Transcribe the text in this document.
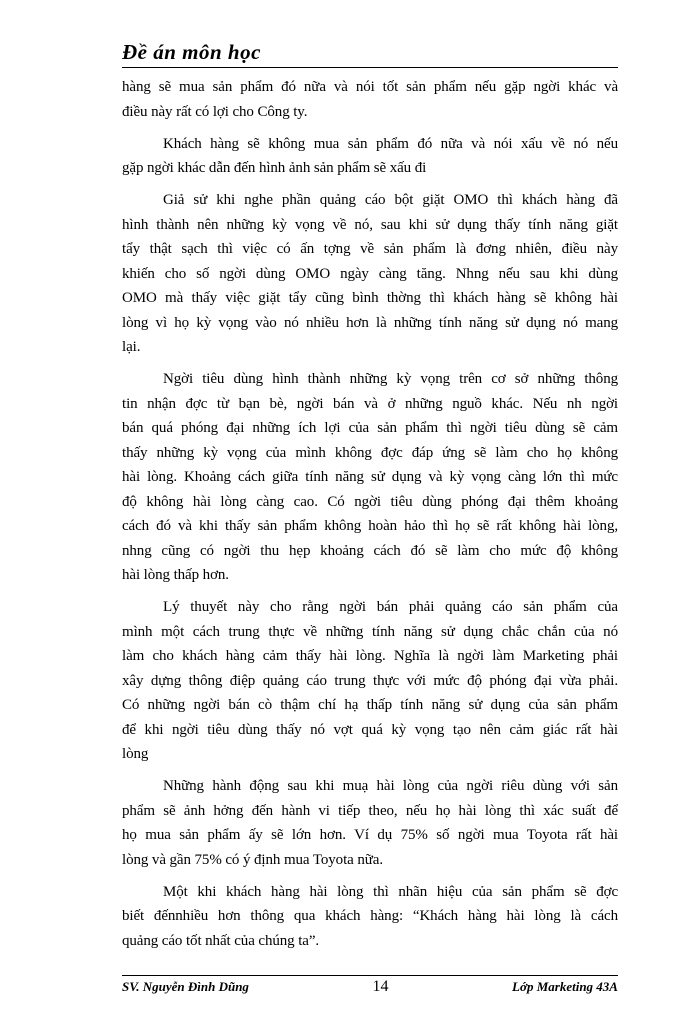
Đề án môn học
hàng sẽ mua sản phẩm đó nữa và nói tốt sản phẩm nếu gặp ngời khác và
điều này rất có lợi cho Công ty.
Khách hàng sẽ không mua sản phẩm đó nữa và nói xấu về nó nếu
gặp ngời khác dẫn đến hình ảnh sản phẩm sẽ xấu đi
Giả sử khi nghe phần quảng cáo bột giặt OMO thì khách hàng đã
hình thành nên những kỳ vọng về nó, sau khi sử dụng thấy tính năng giặt
tẩy thật sạch thì việc có ấn tợng về sản phẩm là đơng nhiên, điều này
khiến cho số ngời dùng OMO ngày càng tăng. Nhng nếu sau khi dùng
OMO mà thấy việc giặt tẩy cũng bình thờng thì khách hàng sẽ không hài
lòng vì họ kỳ vọng vào nó nhiều hơn là những tính năng sử dụng nó mang
lại.
Ngời tiêu dùng hình thành những kỳ vọng trên cơ sở những thông
tin nhận đợc từ bạn bè, ngời bán và ở những nguồ khác. Nếu nh ngời
bán quá phóng đại những ích lợi của sản phẩm thì ngời tiêu dùng sẽ cảm
thấy những kỳ vọng của mình không đợc đáp ứng sẽ làm cho họ không
hài lòng. Khoảng cách giữa tính năng sử dụng và kỳ vọng càng lớn thì mức
độ không hài lòng càng cao. Có ngời tiêu dùng phóng đại thêm khoảng
cách đó và khi thấy sản phẩm không hoàn hảo thì họ sẽ rất không hài lòng,
nhng cũng có ngời thu hẹp khoảng cách đó sẽ làm cho mức độ không
hài lòng thấp hơn.
Lý thuyết này cho rằng ngời bán phải quảng cáo sản phẩm của
mình một cách trung thực về những tính năng sử dụng chắc chắn của nó
làm cho khách hàng cảm thấy hài lòng. Nghĩa là ngời làm Marketing phải
xây dựng thông điệp quảng cáo trung thực với mức độ phóng đại vừa phải.
Có những ngời bán cò thậm chí hạ thấp tính năng sử dụng của sản phẩm
để khi ngời tiêu dùng thấy nó vợt quá kỳ vọng tạo nên cảm giác rất hài
lòng
Những hành động sau khi muạ hài lòng của ngời riêu dùng với sản
phẩm sẽ ảnh hởng đến hành vi tiếp theo, nếu họ hài lòng thì xác suất để
họ mua sản phẩm ấy sẽ lớn hơn. Ví dụ 75% số ngời mua Toyota rất hài
lòng và gần 75% có ý định mua Toyota nữa.
Một khi khách hàng hài lòng thì nhãn hiệu của sản phẩm sẽ đợc
biết đếnnhiều hơn thông qua khách hàng: “Khách hàng hài lòng là cách
quảng cáo tốt nhất của chúng ta”.
SV. Nguyễn Đình Dũng	14	Lớp Marketing 43A
